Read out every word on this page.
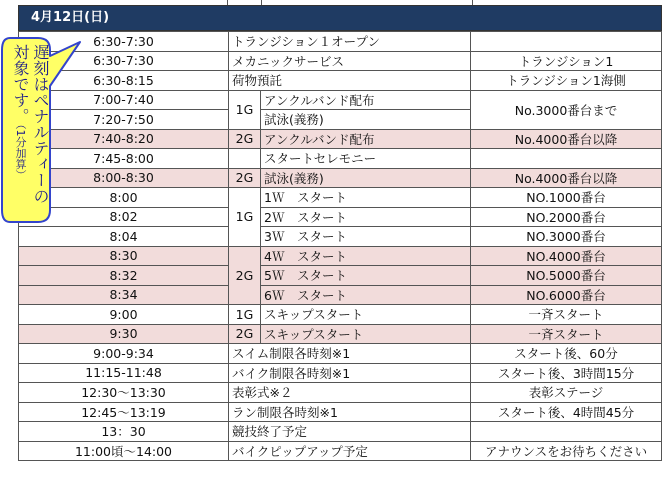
4月12日(日)
6:30-7:30	トランジション１オープン		
6:30-7:30	メカニックサービス		トランジション1
6:30-8:15	荷物預託		トランジション1海側
7:00-7:40	1G	アンクルバンド配布	No.3000番台まで
7:20-7:50		試泳(義務)	
7:40-8:20	2G	アンクルバンド配布	No.4000番台以降
7:45-8:00		スタートセレモニー	
8:00-8:30	2G	試泳(義務)	No.4000番台以降
8:00	1G	1Ｗ　スタート	NO.1000番台
8:02		2Ｗ　スタート	NO.2000番台
8:04		3Ｗ　スタート	NO.3000番台
8:30	2G	4Ｗ　スタート	NO.4000番台
8:32		5Ｗ　スタート	NO.5000番台
8:34		6Ｗ　スタート	NO.6000番台
9:00	1G	スキップスタート	一斉スタート
9:30	2G	スキップスタート	一斉スタート
9:00-9:34	スイム制限各時刻※1		スタート後、60分
11:15-11:48	バイク制限各時刻※1		スタート後、3時間15分
12:30～13:30	表彰式※２		表彰ステージ
12:45～13:19	ラン制限各時刻※1		スタート後、4時間45分
13：30	競技終了予定		
11:00頃～14:00	バイクピップアップ予定		アナウンスをお待ちください
遅刻はペナルティーの
対象です。（1分加算）
